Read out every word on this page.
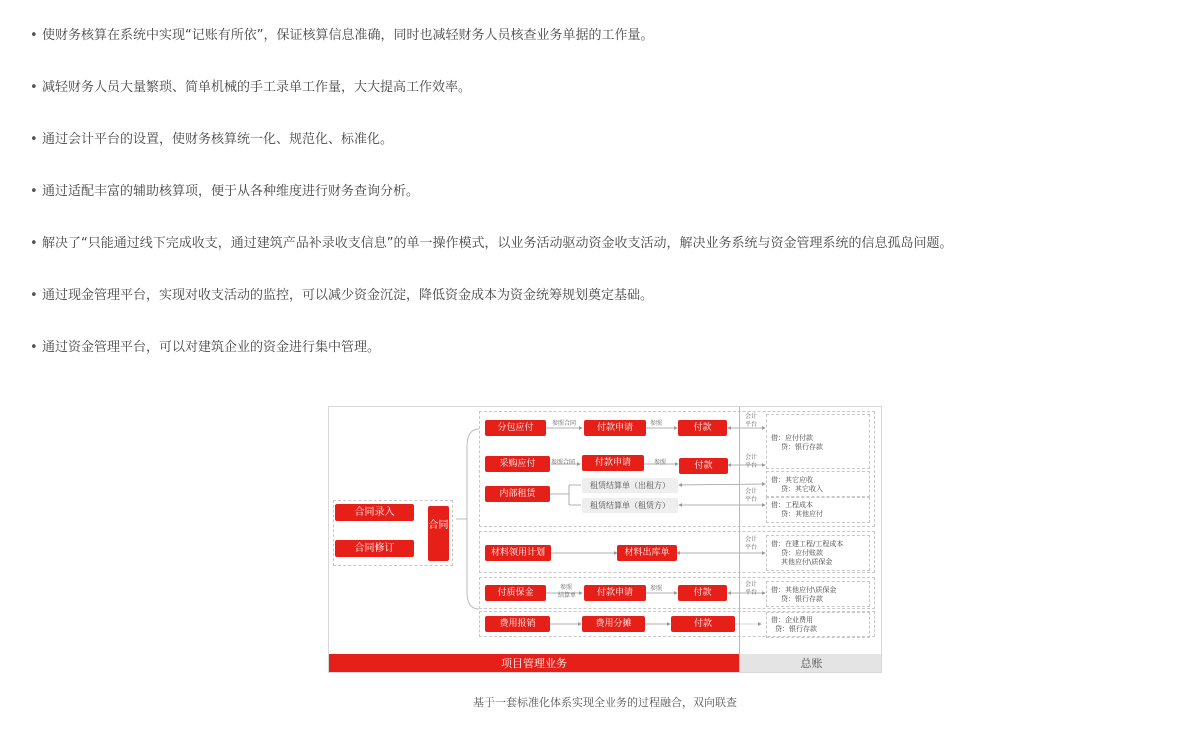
• 使财务核算在系统中实现“记账有所依”，保证核算信息准确，同时也减轻财务人员核查业务单据的工作量。
• 减轻财务人员大量繁琐、简单机械的手工录单工作量，大大提高工作效率。
• 通过会计平台的设置，使财务核算统一化、规范化、标准化。
• 通过适配丰富的辅助核算项，便于从各种维度进行财务查询分析。
• 解决了“只能通过线下完成收支，通过建筑产品补录收支信息”的单一操作模式，以业务活动驱动资金收支活动，解决业务系统与资金管理系统的信息孤岛问题。
• 通过现金管理平台，实现对收支活动的监控，可以减少资金沉淀，降低资金成本为资金统筹规划奠定基础。
• 通过资金管理平台，可以对建筑企业的资金进行集中管理。
合同录入
合同修订
合同
分包应付	参照合同	付款申请	参照	付款
采购应付	参照合同	付款申请	参照	付款
内部租赁
租赁结算单（出租方）
租赁结算单（租赁方）
材料领用计划	材料出库单
付质保金
参照
结算单	付款申请	参照	付款
费用报销	费用分摊	付款
会计
平台
会计
平台
会计
平台
会计
平台
会计
平台
借：应付付款
贷：银行存款
借：其它应收
贷：其它收入
借：工程成本
贷：其他应付
借：在建工程/工程成本
贷：应付账款
其他应付\质保金
借：其他应付\质保金
贷：银行存款
借：企业费用
贷：银行存款
项目管理业务	总账
基于一套标准化体系实现全业务的过程融合，双向联查
